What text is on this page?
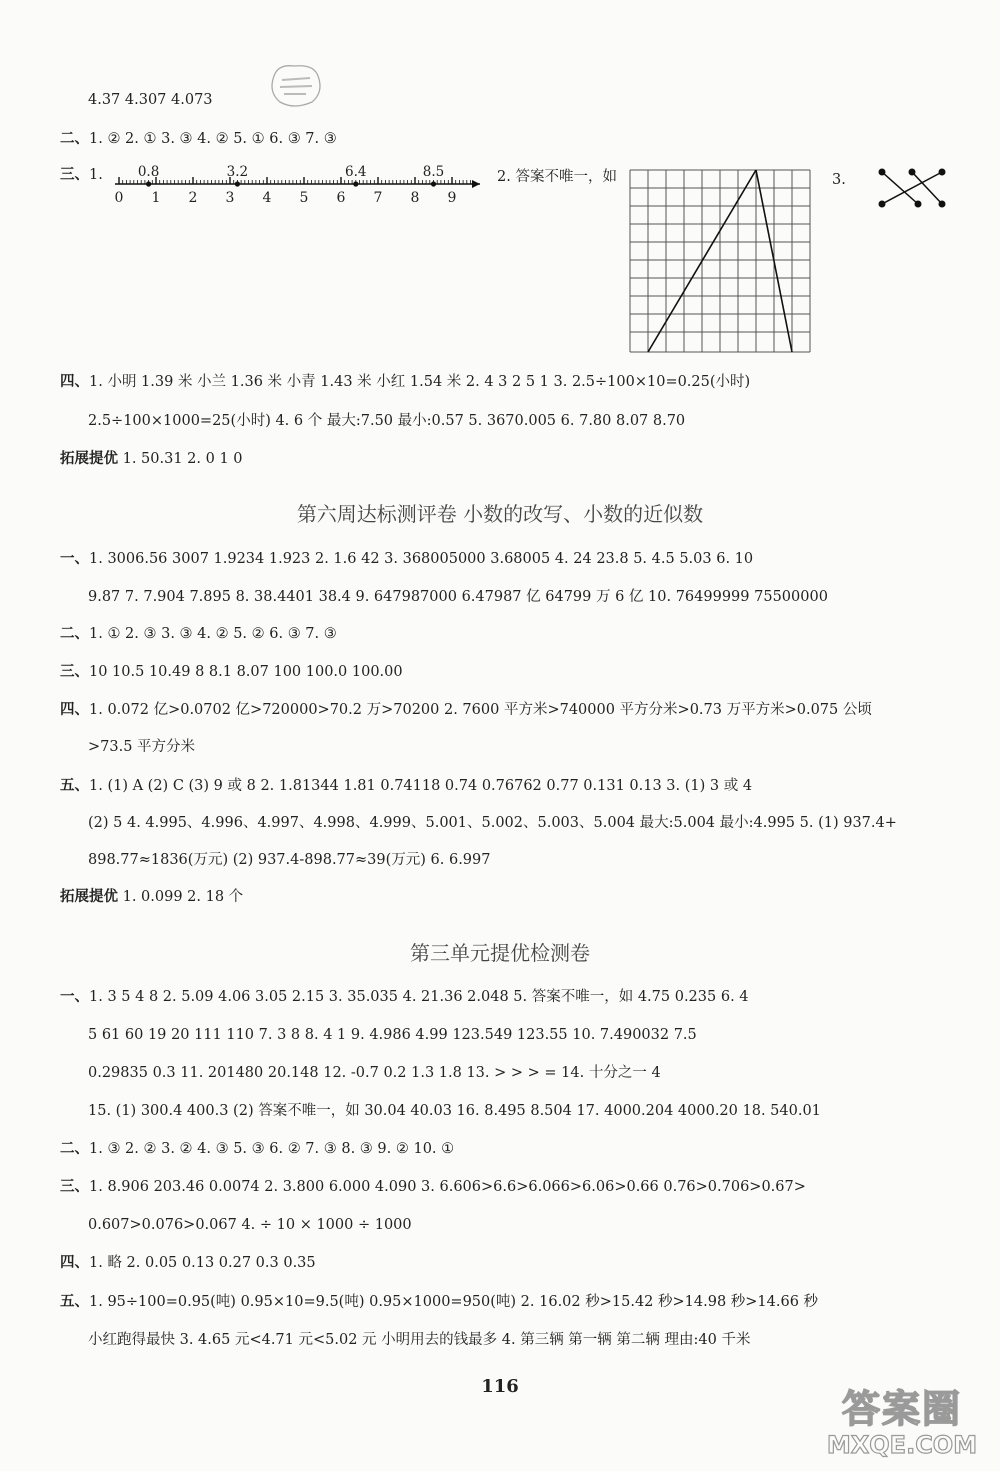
4.37 4.307 4.073
二、1. ② 2. ① 3. ③ 4. ② 5. ① 6. ③ 7. ③
三、1.
0 1 2 3 4 5 6 7 8 9
0.8	3.2	6.4	8.5	2. 答案不唯一，如	3.
四、1. 小明 1.39 米 小兰 1.36 米 小青 1.43 米 小红 1.54 米 2. 4 3 2 5 1 3. 2.5÷100×10=0.25(小时)
2.5÷100×1000=25(小时) 4. 6 个 最大:7.50 最小:0.57 5. 3670.005 6. 7.80 8.07 8.70
拓展提优 1. 50.31 2. 0 1 0
第六周达标测评卷 小数的改写、小数的近似数
一、1. 3006.56 3007 1.9234 1.923 2. 1.6 42 3. 368005000 3.68005 4. 24 23.8 5. 4.5 5.03 6. 10
9.87 7. 7.904 7.895 8. 38.4401 38.4 9. 647987000 6.47987 亿 64799 万 6 亿 10. 76499999 75500000
二、1. ① 2. ③ 3. ③ 4. ② 5. ② 6. ③ 7. ③
三、10 10.5 10.49 8 8.1 8.07 100 100.0 100.00
四、1. 0.072 亿>0.0702 亿>720000>70.2 万>70200 2. 7600 平方米>740000 平方分米>0.73 万平方米>0.075 公顷
>73.5 平方分米
五、1. (1) A (2) C (3) 9 或 8 2. 1.81344 1.81 0.74118 0.74 0.76762 0.77 0.131 0.13 3. (1) 3 或 4
(2) 5 4. 4.995、4.996、4.997、4.998、4.999、5.001、5.002、5.003、5.004 最大:5.004 最小:4.995 5. (1) 937.4+
898.77≈1836(万元) (2) 937.4-898.77≈39(万元) 6. 6.997
拓展提优 1. 0.099 2. 18 个
第三单元提优检测卷
一、1. 3 5 4 8 2. 5.09 4.06 3.05 2.15 3. 35.035 4. 21.36 2.048 5. 答案不唯一，如 4.75 0.235 6. 4
5 61 60 19 20 111 110 7. 3 8 8. 4 1 9. 4.986 4.99 123.549 123.55 10. 7.490032 7.5
0.29835 0.3 11. 201480 20.148 12. -0.7 0.2 1.3 1.8 13. > > > = 14. 十分之一 4
15. (1) 300.4 400.3 (2) 答案不唯一，如 30.04 40.03 16. 8.495 8.504 17. 4000.204 4000.20 18. 540.01
二、1. ③ 2. ② 3. ② 4. ③ 5. ③ 6. ② 7. ③ 8. ③ 9. ② 10. ①
三、1. 8.906 203.46 0.0074 2. 3.800 6.000 4.090 3. 6.606>6.6>6.066>6.06>0.66 0.76>0.706>0.67>
0.607>0.076>0.067 4. ÷ 10 × 1000 ÷ 1000
四、1. 略 2. 0.05 0.13 0.27 0.3 0.35
五、1. 95÷100=0.95(吨) 0.95×10=9.5(吨) 0.95×1000=950(吨) 2. 16.02 秒>15.42 秒>14.98 秒>14.66 秒
小红跑得最快 3. 4.65 元<4.71 元<5.02 元 小明用去的钱最多 4. 第三辆 第一辆 第二辆 理由:40 千米
116
答案圈
MXQE.COM
